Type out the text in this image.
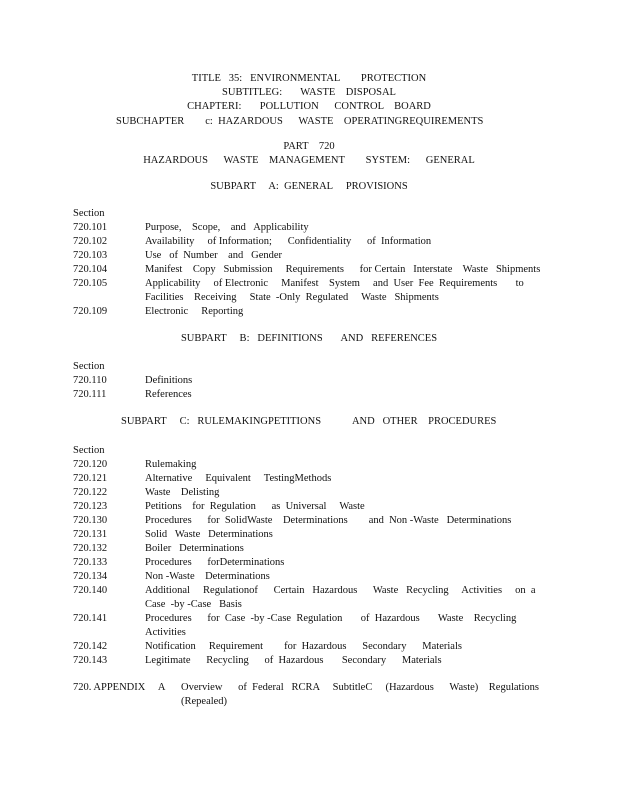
TITLE   35:   ENVIRONMENTAL        PROTECTION
SUBTITLEG:       WASTE    DISPOSAL
CHAPTERI:       POLLUTION      CONTROL    BOARD
SUBCHAPTER        c:  HAZARDOUS      WASTE    OPERATINGREQUIREMENTS
PART    720
HAZARDOUS      WASTE    MANAGEMENT        SYSTEM:      GENERAL
SUBPART     A:  GENERAL     PROVISIONS
Section
720.101	Purpose,    Scope,    and   Applicability
720.102	Availability     of Information;      Confidentiality      of  Information
720.103	Use   of  Number    and   Gender
720.104	Manifest    Copy   Submission     Requirements      for Certain   Interstate    Waste   Shipments
720.105	Applicability     of Electronic     Manifest    System     and  User  Fee  Requirements       to
Facilities    Receiving     State  -Only  Regulated     Waste   Shipments
720.109	Electronic     Reporting
SUBPART     B:   DEFINITIONS       AND   REFERENCES
Section
720.110	Definitions
720.111	References
SUBPART     C:   RULEMAKINGPETITIONS            AND   OTHER    PROCEDURES
Section
720.120	Rulemaking
720.121	Alternative     Equivalent     TestingMethods
720.122	Waste    Delisting
720.123	Petitions    for  Regulation      as  Universal     Waste
720.130	Procedures      for  SolidWaste    Determinations        and  Non -Waste   Determinations
720.131	Solid   Waste   Determinations
720.132	Boiler   Determinations
720.133	Procedures      forDeterminations
720.134	Non -Waste    Determinations
720.140	Additional     Regulationof      Certain   Hazardous      Waste   Recycling     Activities     on  a
Case  -by -Case   Basis
720.141	Procedures      for  Case  -by -Case  Regulation       of  Hazardous       Waste    Recycling
Activities
720.142	Notification     Requirement        for  Hazardous      Secondary      Materials
720.143	Legitimate      Recycling      of  Hazardous       Secondary      Materials
720. APPENDIX     A Overview      of  Federal   RCRA     SubtitleC     (Hazardous      Waste)    Regulations
(Repealed)
